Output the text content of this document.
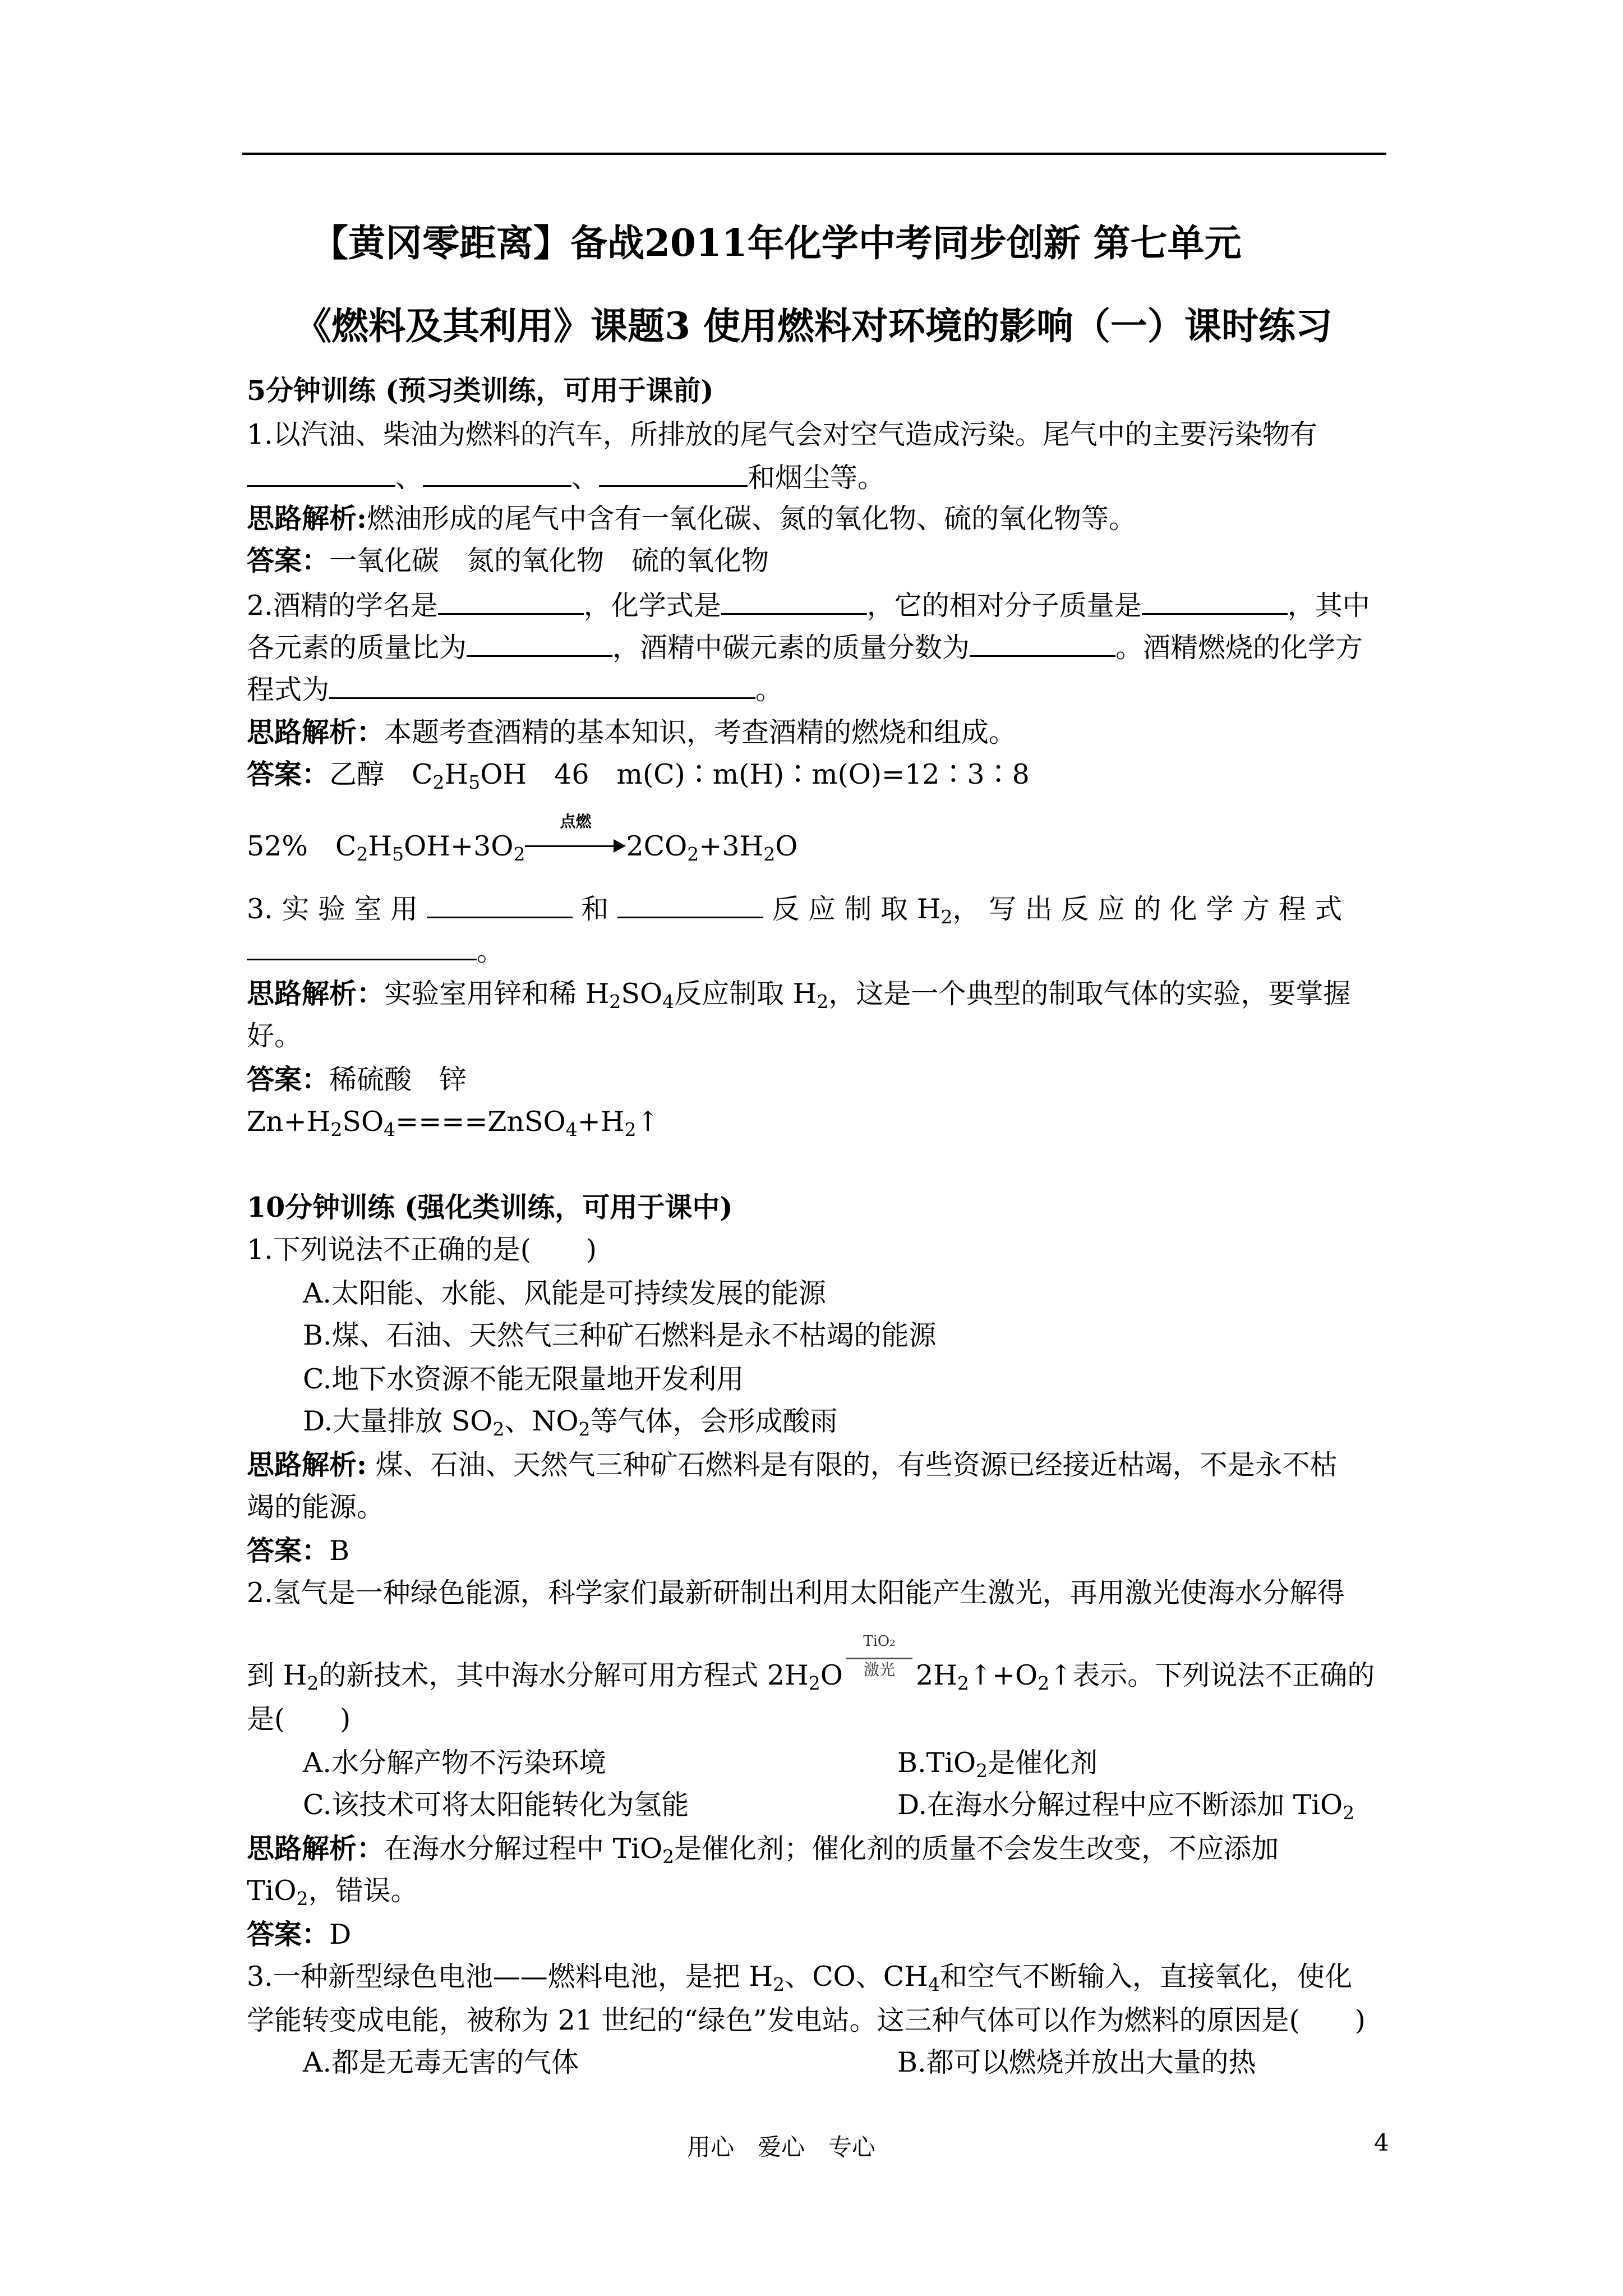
【黄冈零距离】备战2011年化学中考同步创新 第七单元
《燃料及其利用》课题3 使用燃料对环境的影响（一）课时练习
5分钟训练 (预习类训练，可用于课前)
1.以汽油、柴油为燃料的汽车，所排放的尾气会对空气造成污染。尾气中的主要污染物有
、	、	和烟尘等。
思路解析:燃油形成的尾气中含有一氧化碳、氮的氧化物、硫的氧化物等。
答案：一氧化碳　氮的氧化物　硫的氧化物
2.酒精的学名是	，化学式是	，它的相对分子质量是	，其中
各元素的质量比为	，酒精中碳元素的质量分数为	。酒精燃烧的化学方
程式为	。
思路解析：本题考查酒精的基本知识，考查酒精的燃烧和组成。
答案：乙醇　$C_2H_5OH$　46　m(C)∶m(H)∶m(O)=12∶3∶8
52%　$C_2H_5OH+3O_2$
点燃
$2CO_2+3H_2O$
3. 实 验 室 用	和	反 应 制 取 $H_2$， 写 出 反 应 的 化 学 方 程 式
。
思路解析：实验室用锌和稀 $H_2SO_4$反应制取 $H_2$，这是一个典型的制取气体的实验，要掌握
好。
答案：稀硫酸　锌
$Zn+H_2SO_4====ZnSO_4+H_2↑$
10分钟训练 (强化类训练，可用于课中)
1.下列说法不正确的是(　　)
A.太阳能、水能、风能是可持续发展的能源
B.煤、石油、天然气三种矿石燃料是永不枯竭的能源
C.地下水资源不能无限量地开发利用
D.大量排放 $SO_2$、$NO_2$等气体，会形成酸雨
思路解析: 煤、石油、天然气三种矿石燃料是有限的，有些资源已经接近枯竭，不是永不枯
竭的能源。
答案：B
2.氢气是一种绿色能源，科学家们最新研制出利用太阳能产生激光，再用激光使海水分解得
到 $H_2$的新技术，其中海水分解可用方程式 $2H_2O \frac{\text{TiO₂}}{\text{激光}}$ $2H_2↑+O_2↑$表示。下列说法不正确的
是(　　)
A.水分解产物不污染环境	B.TiO$_2$是催化剂
C.该技术可将太阳能转化为氢能	D.在海水分解过程中应不断添加 TiO$_2$
思路解析：在海水分解过程中 TiO$_2$是催化剂；催化剂的质量不会发生改变，不应添加
TiO$_2$，错误。
答案：D
3.一种新型绿色电池——燃料电池，是把 $H_2$、CO、$CH_4$和空气不断输入，直接氧化，使化
学能转变成电能，被称为 21 世纪的“绿色”发电站。这三种气体可以作为燃料的原因是(　　)
A.都是无毒无害的气体	B.都可以燃烧并放出大量的热
用心　爱心　专心	4
